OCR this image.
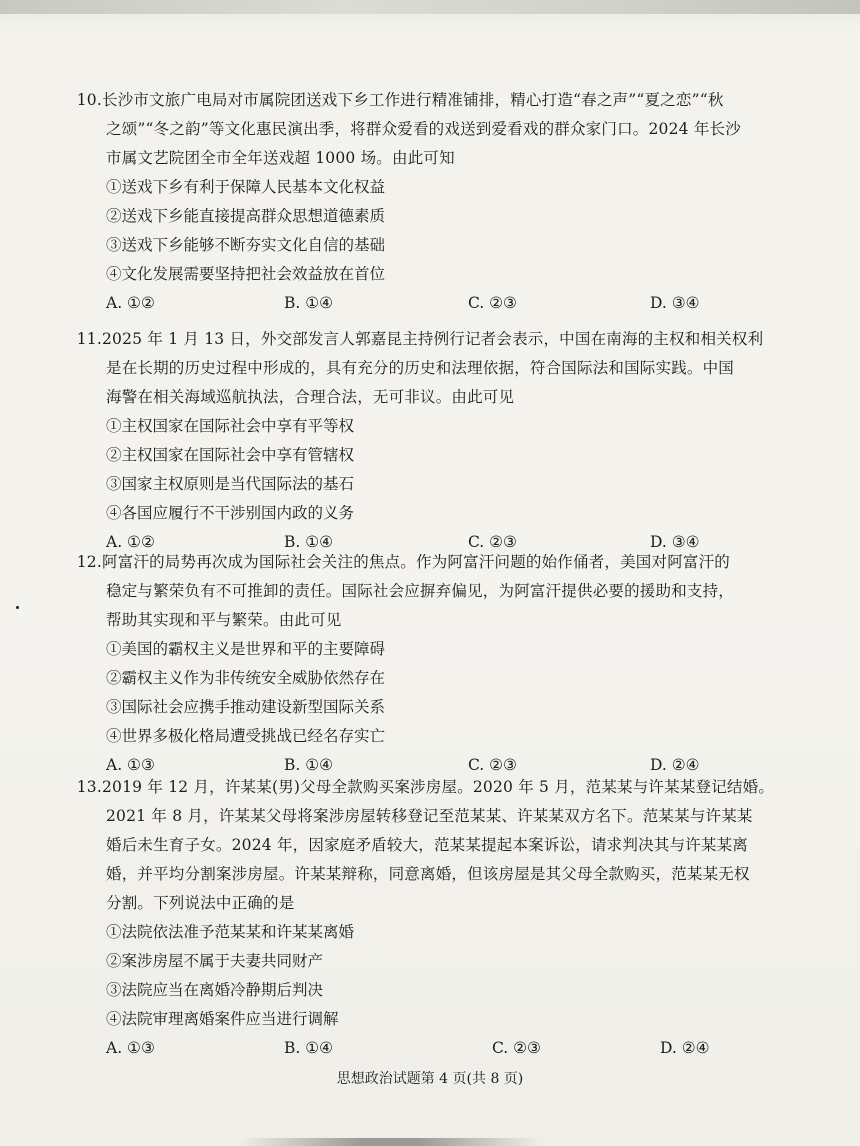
10.长沙市文旅广电局对市属院团送戏下乡工作进行精准铺排，精心打造“春之声”“夏之恋”“秋
之颂”“冬之韵”等文化惠民演出季，将群众爱看的戏送到爱看戏的群众家门口。2024 年长沙
市属文艺院团全市全年送戏超 1000 场。由此可知
①送戏下乡有利于保障人民基本文化权益
②送戏下乡能直接提高群众思想道德素质
③送戏下乡能够不断夯实文化自信的基础
④文化发展需要坚持把社会效益放在首位
A. ①②	B. ①④	C. ②③	D. ③④
11.2025 年 1 月 13 日，外交部发言人郭嘉昆主持例行记者会表示，中国在南海的主权和相关权利
是在长期的历史过程中形成的，具有充分的历史和法理依据，符合国际法和国际实践。中国
海警在相关海域巡航执法，合理合法，无可非议。由此可见
①主权国家在国际社会中享有平等权
②主权国家在国际社会中享有管辖权
③国家主权原则是当代国际法的基石
④各国应履行不干涉别国内政的义务
A. ①②	B. ①④	C. ②③	D. ③④
12.阿富汗的局势再次成为国际社会关注的焦点。作为阿富汗问题的始作俑者，美国对阿富汗的
稳定与繁荣负有不可推卸的责任。国际社会应摒弃偏见，为阿富汗提供必要的援助和支持，
帮助其实现和平与繁荣。由此可见
①美国的霸权主义是世界和平的主要障碍
②霸权主义作为非传统安全威胁依然存在
③国际社会应携手推动建设新型国际关系
④世界多极化格局遭受挑战已经名存实亡
A. ①③	B. ①④	C. ②③	D. ②④
13.2019 年 12 月，许某某(男)父母全款购买案涉房屋。2020 年 5 月，范某某与许某某登记结婚。
2021 年 8 月，许某某父母将案涉房屋转移登记至范某某、许某某双方名下。范某某与许某某
婚后未生育子女。2024 年，因家庭矛盾较大，范某某提起本案诉讼，请求判决其与许某某离
婚，并平均分割案涉房屋。许某某辩称，同意离婚，但该房屋是其父母全款购买，范某某无权
分割。下列说法中正确的是
①法院依法准予范某某和许某某离婚
②案涉房屋不属于夫妻共同财产
③法院应当在离婚冷静期后判决
④法院审理离婚案件应当进行调解
A. ①③	B. ①④	C. ②③	D. ②④
思想政治试题第 4 页(共 8 页)
